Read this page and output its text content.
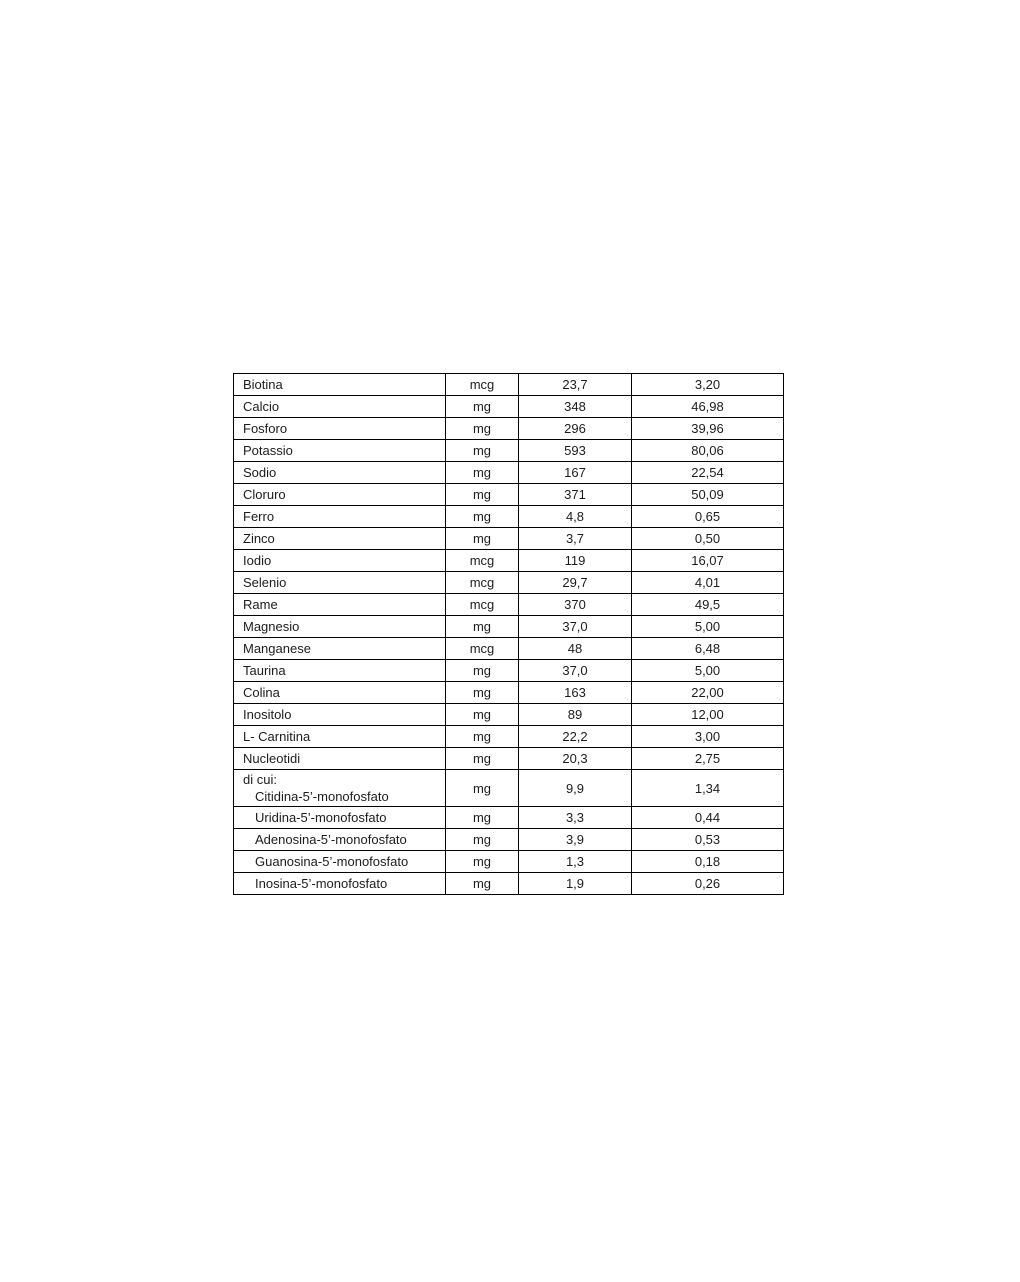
Biotina	mcg	23,7	3,20
Calcio	mg	348	46,98
Fosforo	mg	296	39,96
Potassio	mg	593	80,06
Sodio	mg	167	22,54
Cloruro	mg	371	50,09
Ferro	mg	4,8	0,65
Zinco	mg	3,7	0,50
Iodio	mcg	119	16,07
Selenio	mcg	29,7	4,01
Rame	mcg	370	49,5
Magnesio	mg	37,0	5,00
Manganese	mcg	48	6,48
Taurina	mg	37,0	5,00
Colina	mg	163	22,00
Inositolo	mg	89	12,00
L- Carnitina	mg	22,2	3,00
Nucleotidi	mg	20,3	2,75

di cui:
Citidina-5’-monofosfato	mg	9,9	1,34
Uridina-5’-monofosfato	mg	3,3	0,44
Adenosina-5’-monofosfato	mg	3,9	0,53
Guanosina-5’-monofosfato	mg	1,3	0,18
Inosina-5’-monofosfato	mg	1,9	0,26
